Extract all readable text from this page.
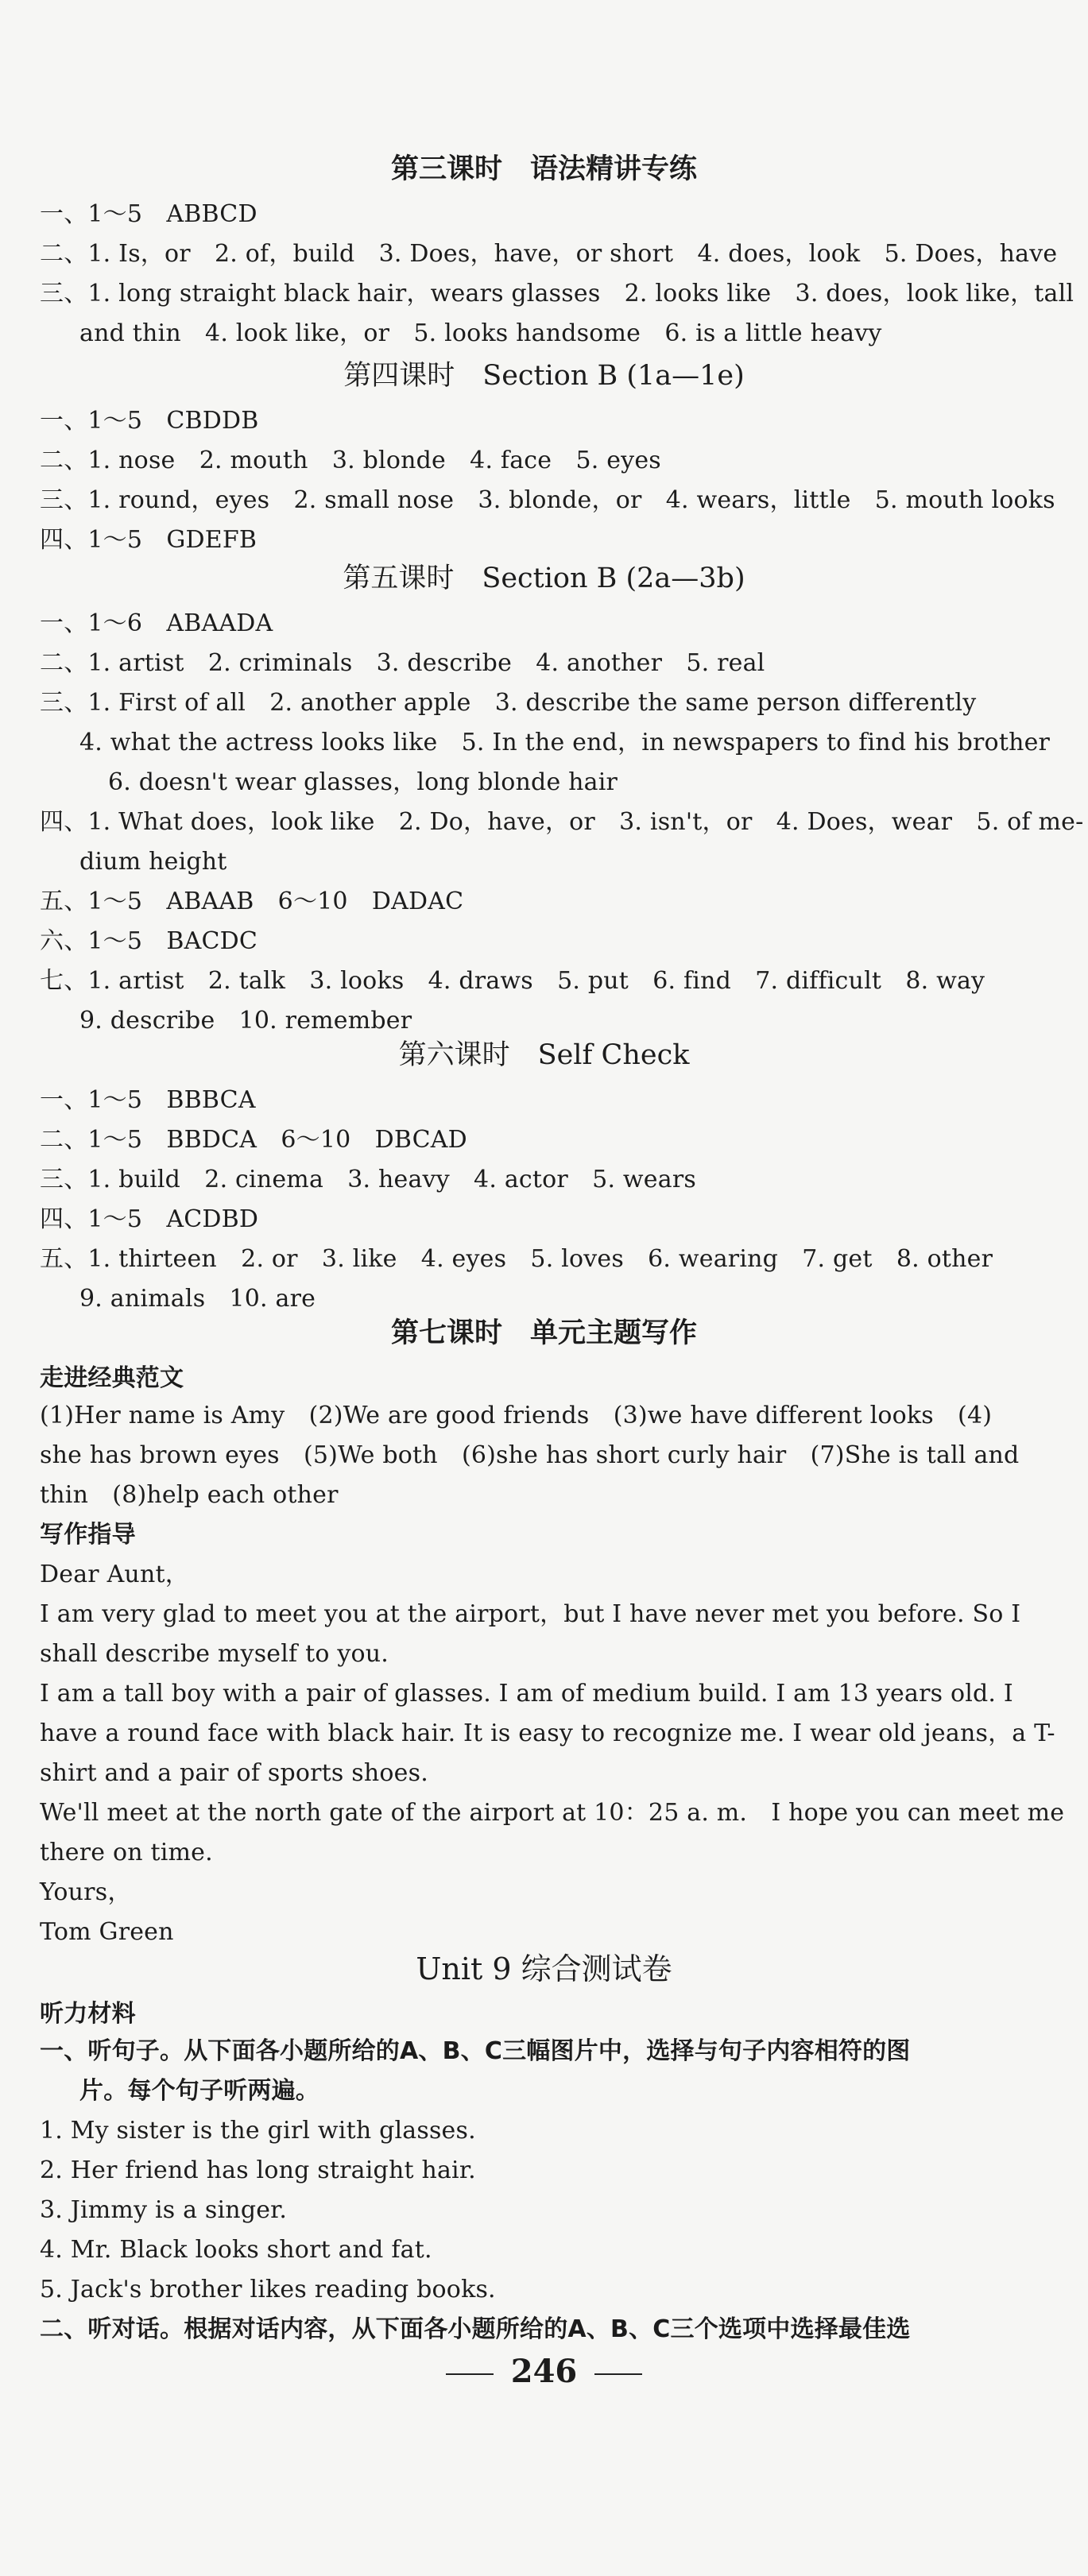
第三课时　语法精讲专练
一、1～5　ABBCD
二、1. Is，or　2. of，build　3. Does，have，or short　4. does，look　5. Does，have
三、1. long straight black hair，wears glasses　2. looks like　3. does，look like，tall
and thin　4. look like，or　5. looks handsome　6. is a little heavy
第四课时　Section B (1a—1e)
一、1～5　CBDDB
二、1. nose　2. mouth　3. blonde　4. face　5. eyes
三、1. round，eyes　2. small nose　3. blonde，or　4. wears，little　5. mouth looks
四、1～5　GDEFB
第五课时　Section B (2a—3b)
一、1～6　ABAADA
二、1. artist　2. criminals　3. describe　4. another　5. real
三、1. First of all　2. another apple　3. describe the same person differently
4. what the actress looks like　5. In the end，in newspapers to find his brother
6. doesn't wear glasses，long blonde hair
四、1. What does，look like　2. Do，have，or　3. isn't，or　4. Does，wear　5. of me-
dium height
五、1～5　ABAAB　6～10　DADAC
六、1～5　BACDC
七、1. artist　2. talk　3. looks　4. draws　5. put　6. find　7. difficult　8. way
9. describe　10. remember
第六课时　Self Check
一、1～5　BBBCA
二、1～5　BBDCA　6～10　DBCAD
三、1. build　2. cinema　3. heavy　4. actor　5. wears
四、1～5　ACDBD
五、1. thirteen　2. or　3. like　4. eyes　5. loves　6. wearing　7. get　8. other
9. animals　10. are
第七课时　单元主题写作
走进经典范文
(1)Her name is Amy　(2)We are good friends　(3)we have different looks　(4)
she has brown eyes　(5)We both　(6)she has short curly hair　(7)She is tall and
thin　(8)help each other
写作指导
Dear Aunt，
I am very glad to meet you at the airport，but I have never met you before. So I
shall describe myself to you.
I am a tall boy with a pair of glasses. I am of medium build. I am 13 years old. I
have a round face with black hair. It is easy to recognize me. I wear old jeans，a T-
shirt and a pair of sports shoes.
We'll meet at the north gate of the airport at 10：25 a. m.　I hope you can meet me
there on time.
Yours，
Tom Green
Unit 9 综合测试卷
听力材料
一、听句子。从下面各小题所给的A、B、C三幅图片中，选择与句子内容相符的图
片。每个句子听两遍。
1. My sister is the girl with glasses.
2. Her friend has long straight hair.
3. Jimmy is a singer.
4. Mr. Black looks short and fat.
5. Jack's brother likes reading books.
二、听对话。根据对话内容，从下面各小题所给的A、B、C三个选项中选择最佳选
246
